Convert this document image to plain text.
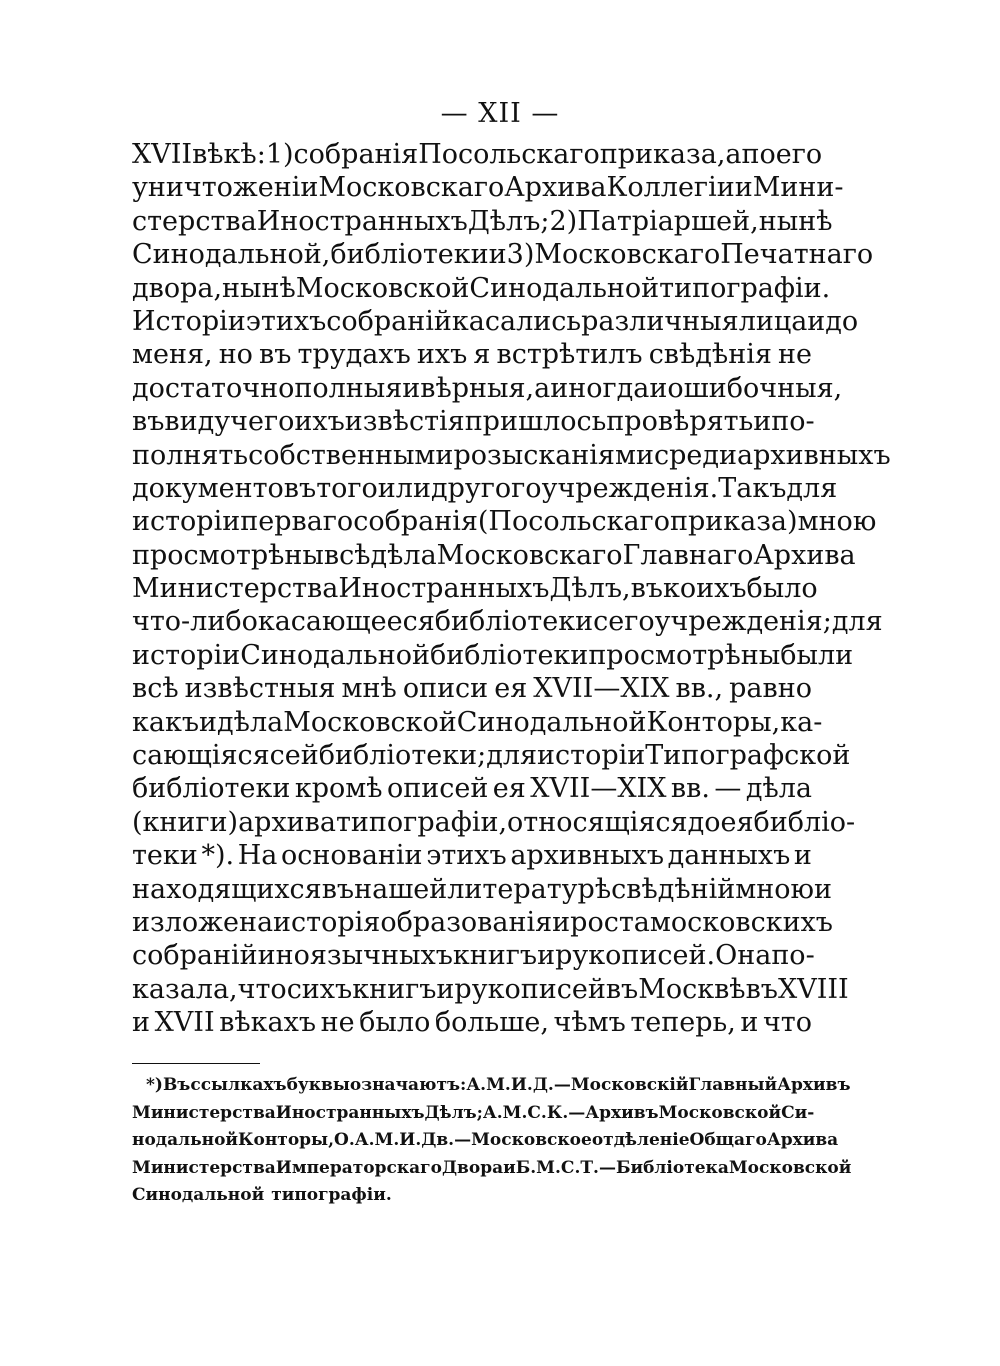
— XII —
XVII вѣкѣ: 1) собранія Посольскаго приказа, а по его
уничтоженіи Московскаго Архива Коллегіи и Мини-
стерства Иностранныхъ Дѣлъ; 2) Патріаршей, нынѣ
Синодальной, библіотеки и 3) Московскаго Печатнаго
двора, нынѣ Московской Синодальной типографіи.
Исторіи этихъ собраній касались различныя лица и до
меня, но въ трудахъ ихъ я встрѣтилъ свѣдѣнія не
достаточно полныя и вѣрныя, а иногда и ошибочныя,
въ виду чего ихъ извѣстія пришлось провѣрять и по-
полнять собственными розысканіями среди архивныхъ
документовъ того или другого учрежденія. Такъ для
исторіи перваго собранія (Посольскаго приказа) мною
просмотрѣны всѣ дѣла Московскаго Главнаго Архива
Министерства Иностранныхъ Дѣлъ, въ коихъ было
что-либо касающееся библіотеки сего учрежденія; для
исторіи Синодальной библіотеки просмотрѣны были
всѣ извѣстныя мнѣ описи ея XVII—XIX вв., равно
какъ и дѣла Московской Синодальной Конторы, ка-
сающіяся сей библіотеки; для исторіи Типографской
библіотеки кромѣ описей ея XVII—XIX вв. — дѣла
(книги) архива типографіи, относящіяся до ея библіо-
теки *). На основаніи этихъ архивныхъ данныхъ и
находящихся въ нашей литературѣ свѣдѣній мною и
изложена исторія образованія и роста московскихъ
собраній иноязычныхъ книгъ и рукописей. Она по-
казала, что сихъ книгъ и рукописей въ Москвѣ въ XVIII
и XVII вѣкахъ не было больше, чѣмъ теперь, и что
*) Въ ссылкахъ буквы означаютъ: А. М. И. Д. — Московскій Главный Архивъ
Министерства Иностранныхъ Дѣлъ; А. М. С. К. — Архивъ Московской Си-
нодальной Конторы, О. А. М. И. Дв. — Московское отдѣленіе Общаго Архива
Министерства Императорскаго Двора и Б. М. С. Т. — Библіотека Московской
Синодальной типографіи.
